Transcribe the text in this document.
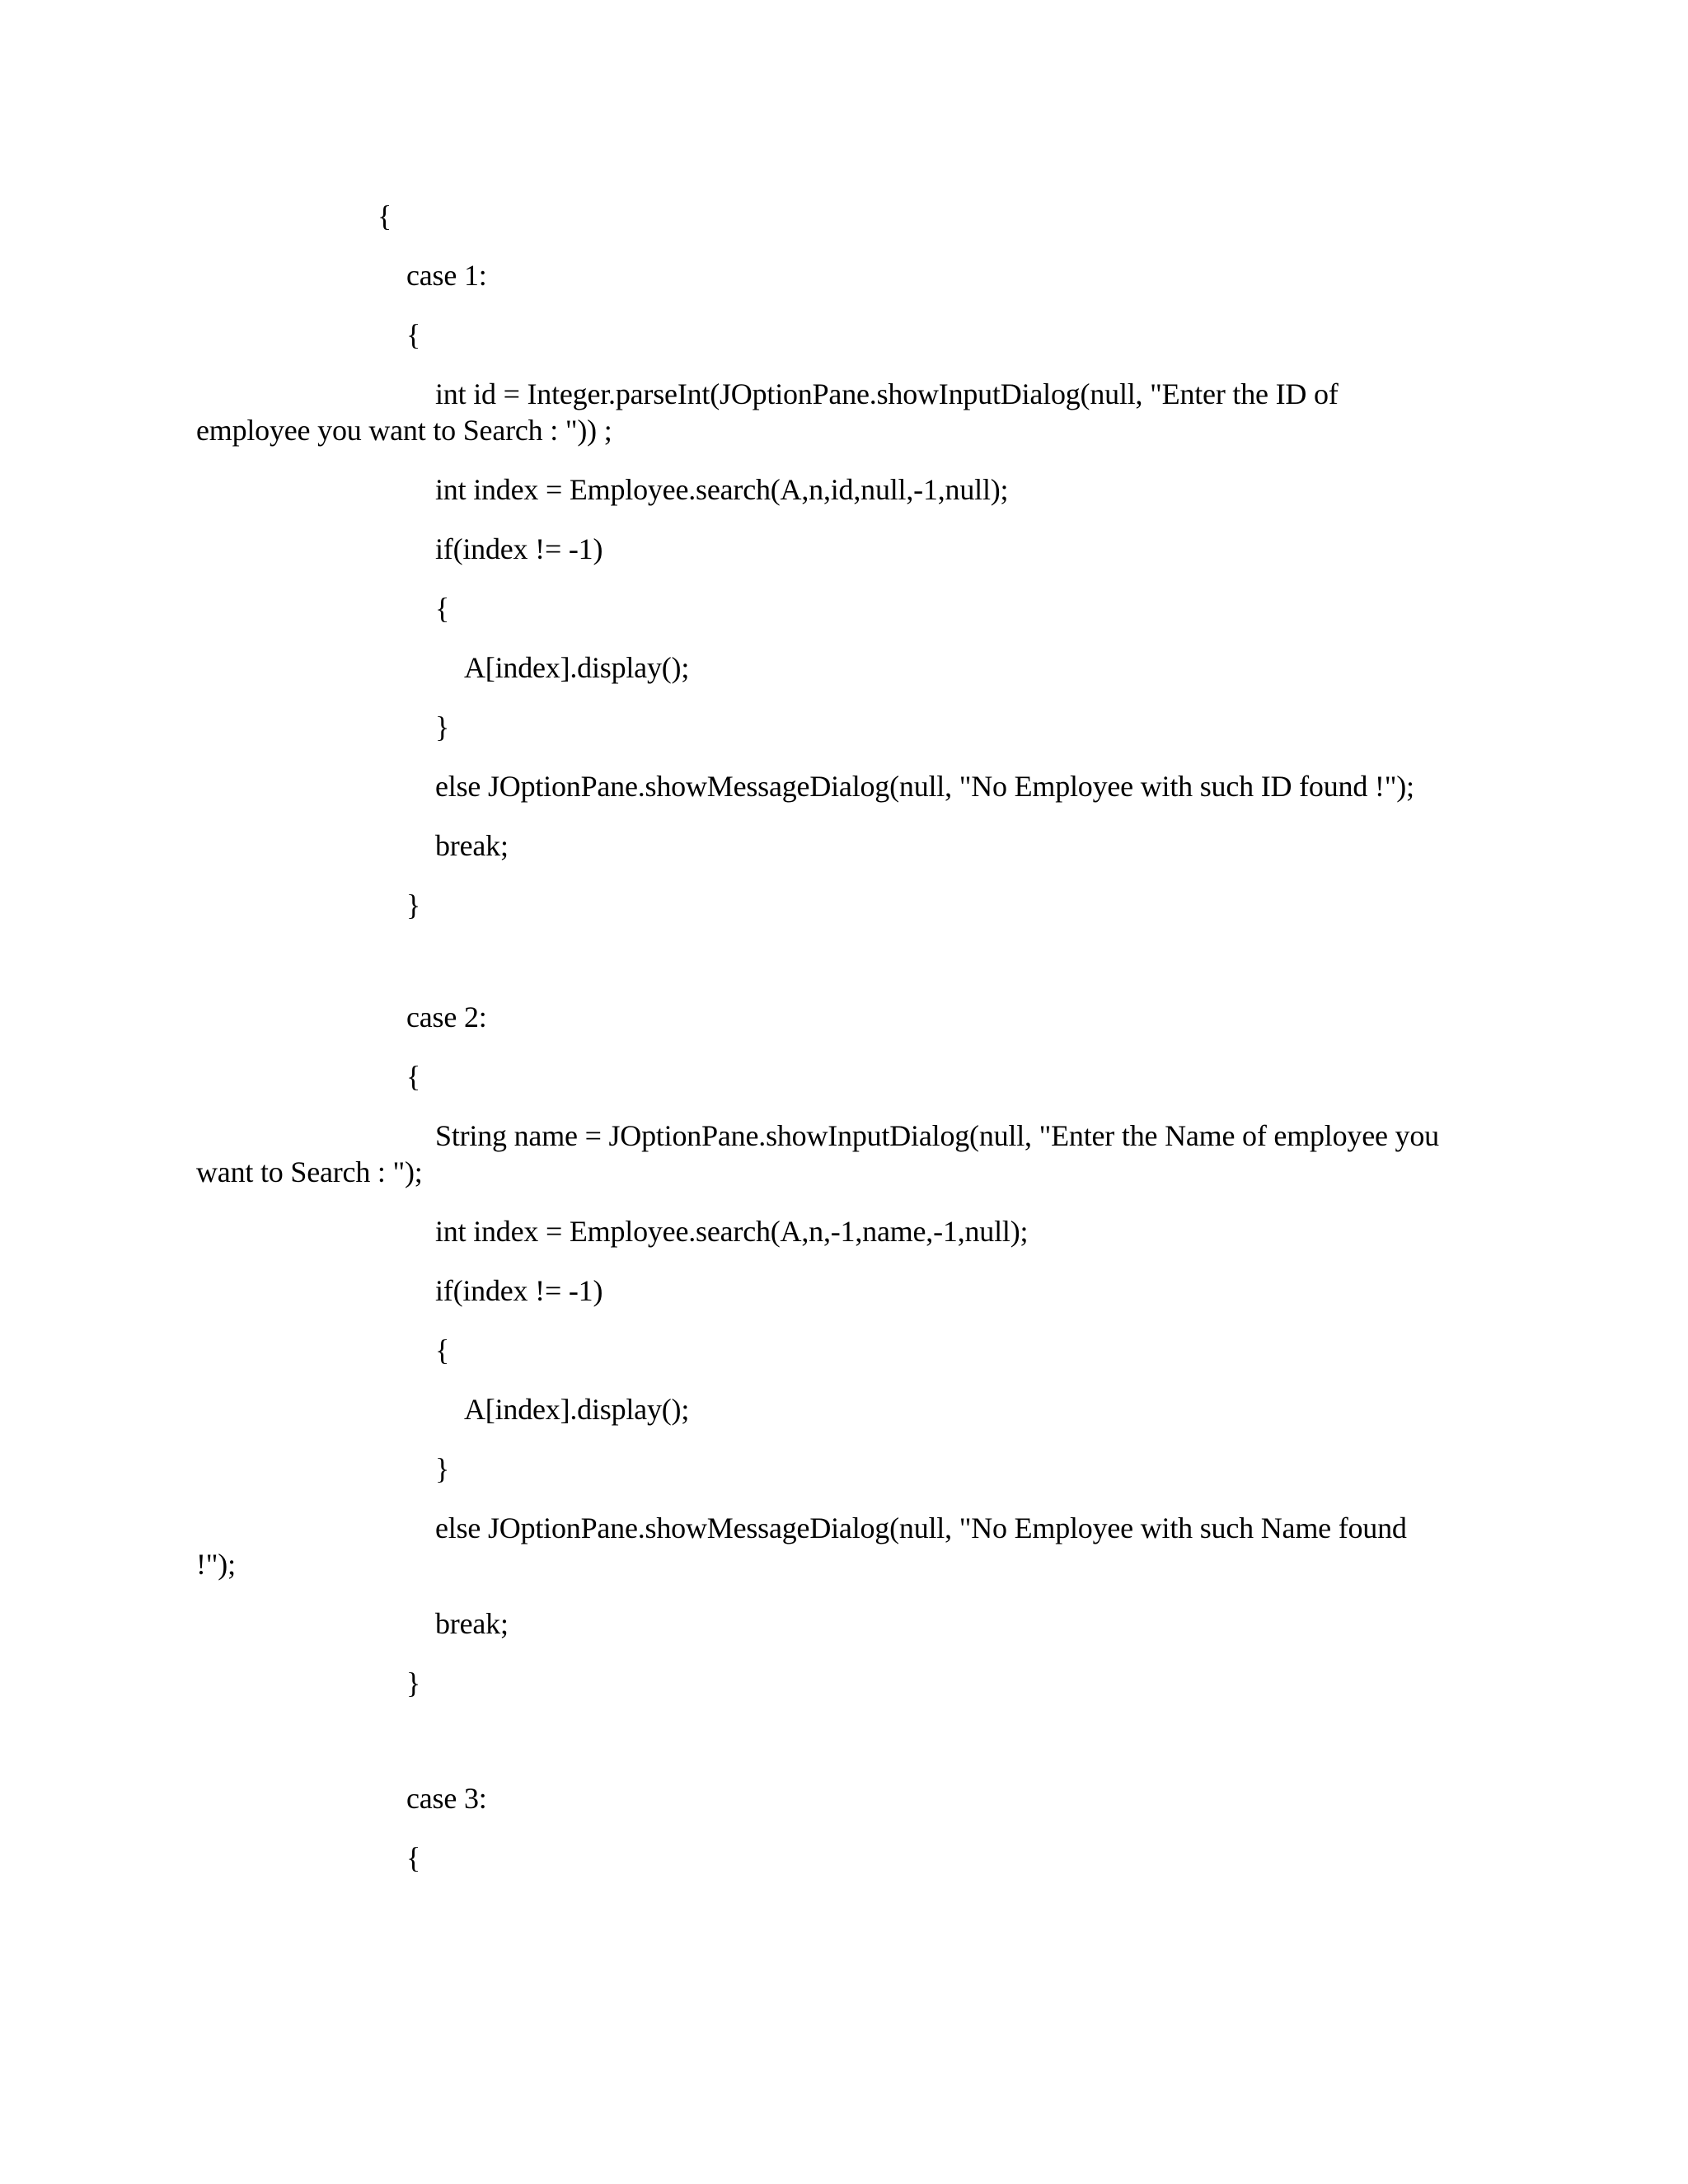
{
case 1:
{
int id = Integer.parseInt(JOptionPane.showInputDialog(null, "Enter the ID of
employee you want to Search : ")) ;
int index = Employee.search(A,n,id,null,-1,null);
if(index != -1)
{
A[index].display();
}
else JOptionPane.showMessageDialog(null, "No Employee with such ID found !");
break;
}
case 2:
{
String name = JOptionPane.showInputDialog(null, "Enter the Name of employee you
want to Search : ");
int index = Employee.search(A,n,-1,name,-1,null);
if(index != -1)
{
A[index].display();
}
else JOptionPane.showMessageDialog(null, "No Employee with such Name found
!");
break;
}
case 3:
{
